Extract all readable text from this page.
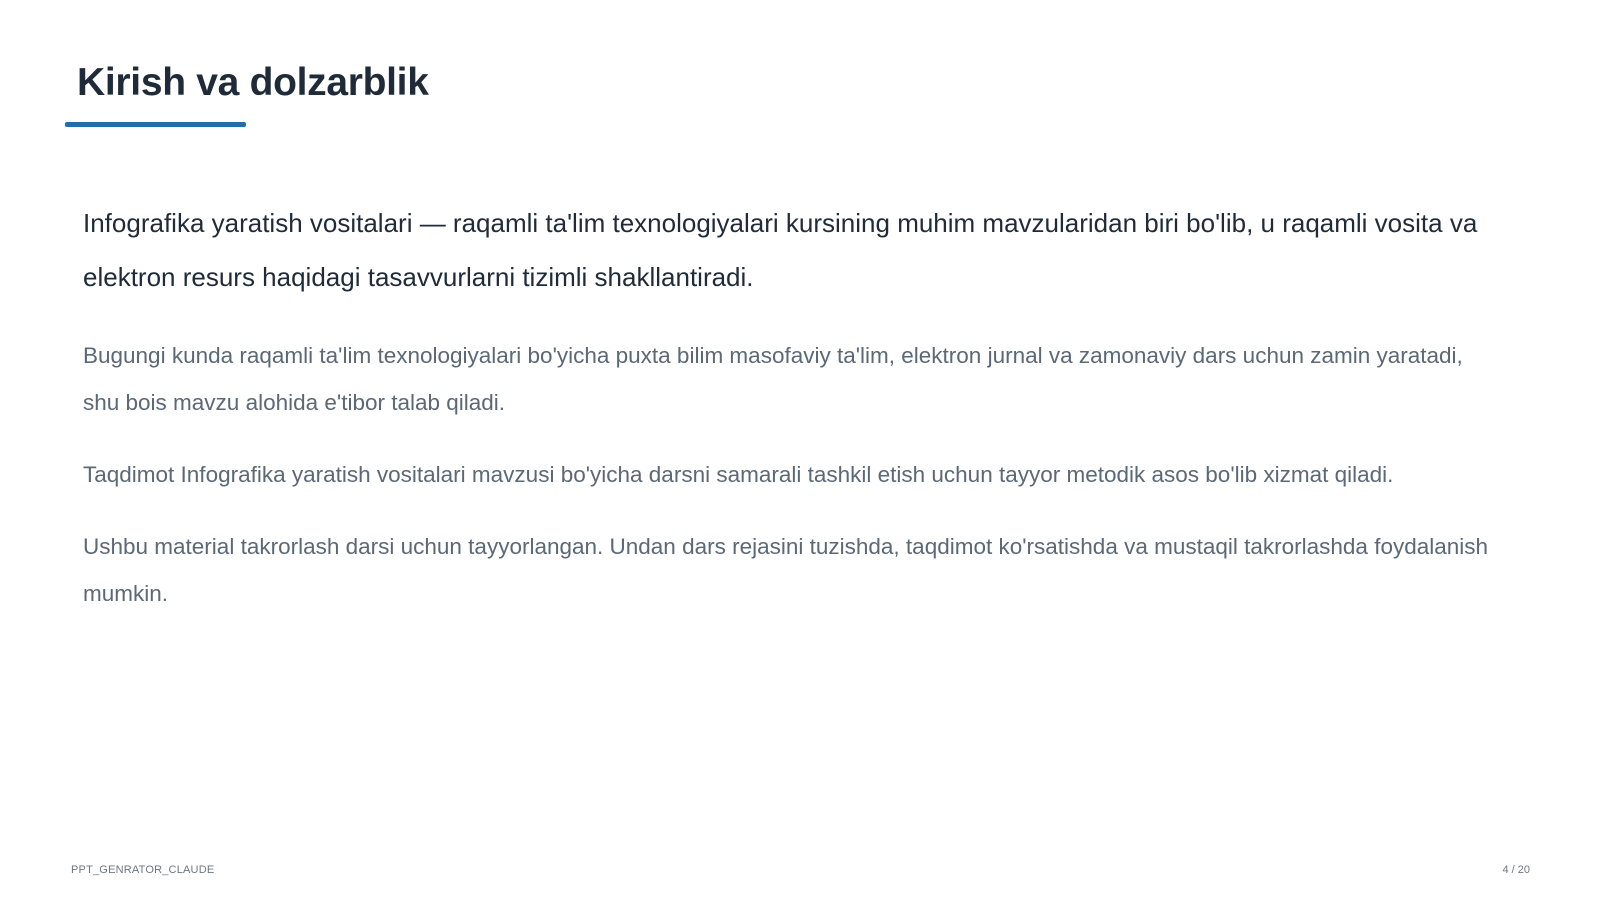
Kirish va dolzarblik

Infografika yaratish vositalari — raqamli ta'lim texnologiyalari kursining muhim mavzularidan biri bo'lib, u raqamli vosita va elektron resurs haqidagi tasavvurlarni tizimli shakllantiradi.

Bugungi kunda raqamli ta'lim texnologiyalari bo'yicha puxta bilim masofaviy ta'lim, elektron jurnal va zamonaviy dars uchun zamin yaratadi, shu bois mavzu alohida e'tibor talab qiladi.

Taqdimot Infografika yaratish vositalari mavzusi bo'yicha darsni samarali tashkil etish uchun tayyor metodik asos bo'lib xizmat qiladi.

Ushbu material takrorlash darsi uchun tayyorlangan. Undan dars rejasini tuzishda, taqdimot ko'rsatishda va mustaqil takrorlashda foydalanish mumkin.

PPT_GENRATOR_CLAUDE	4 / 20
